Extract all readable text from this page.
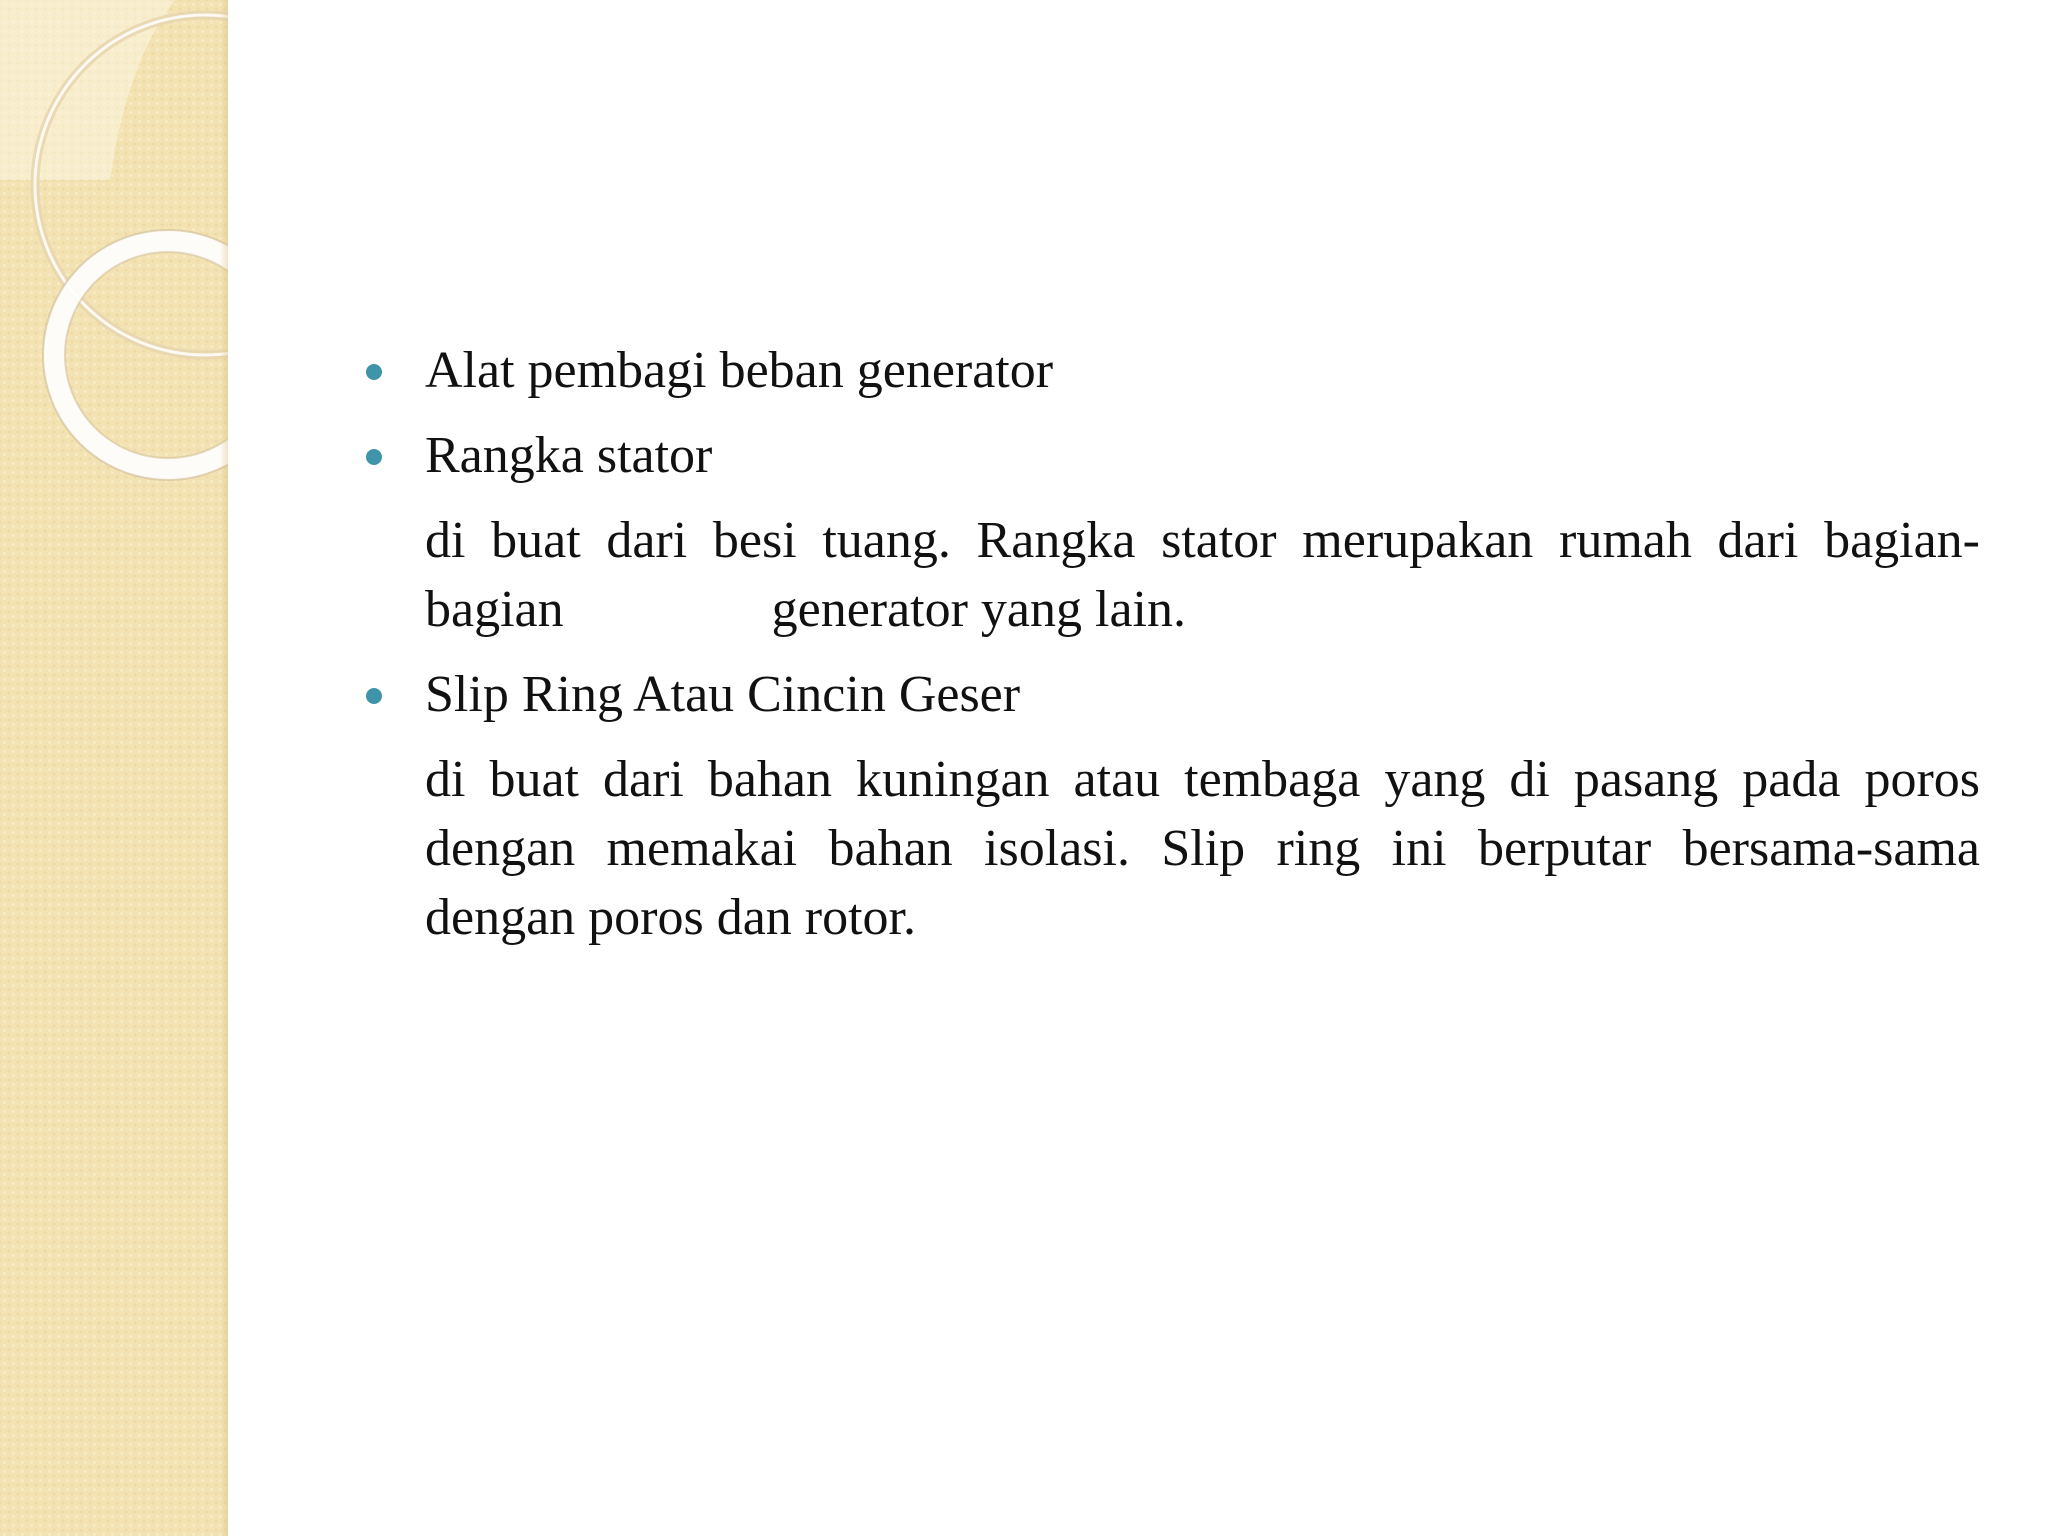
Alat pembagi beban generator
Rangka stator
di buat dari besi tuang. Rangka stator merupakan rumah dari bagian-bagian	generator yang lain.
Slip Ring Atau Cincin Geser
di buat dari bahan kuningan atau tembaga yang di pasang pada poros dengan memakai bahan isolasi. Slip ring ini berputar bersama-sama dengan poros dan rotor.
